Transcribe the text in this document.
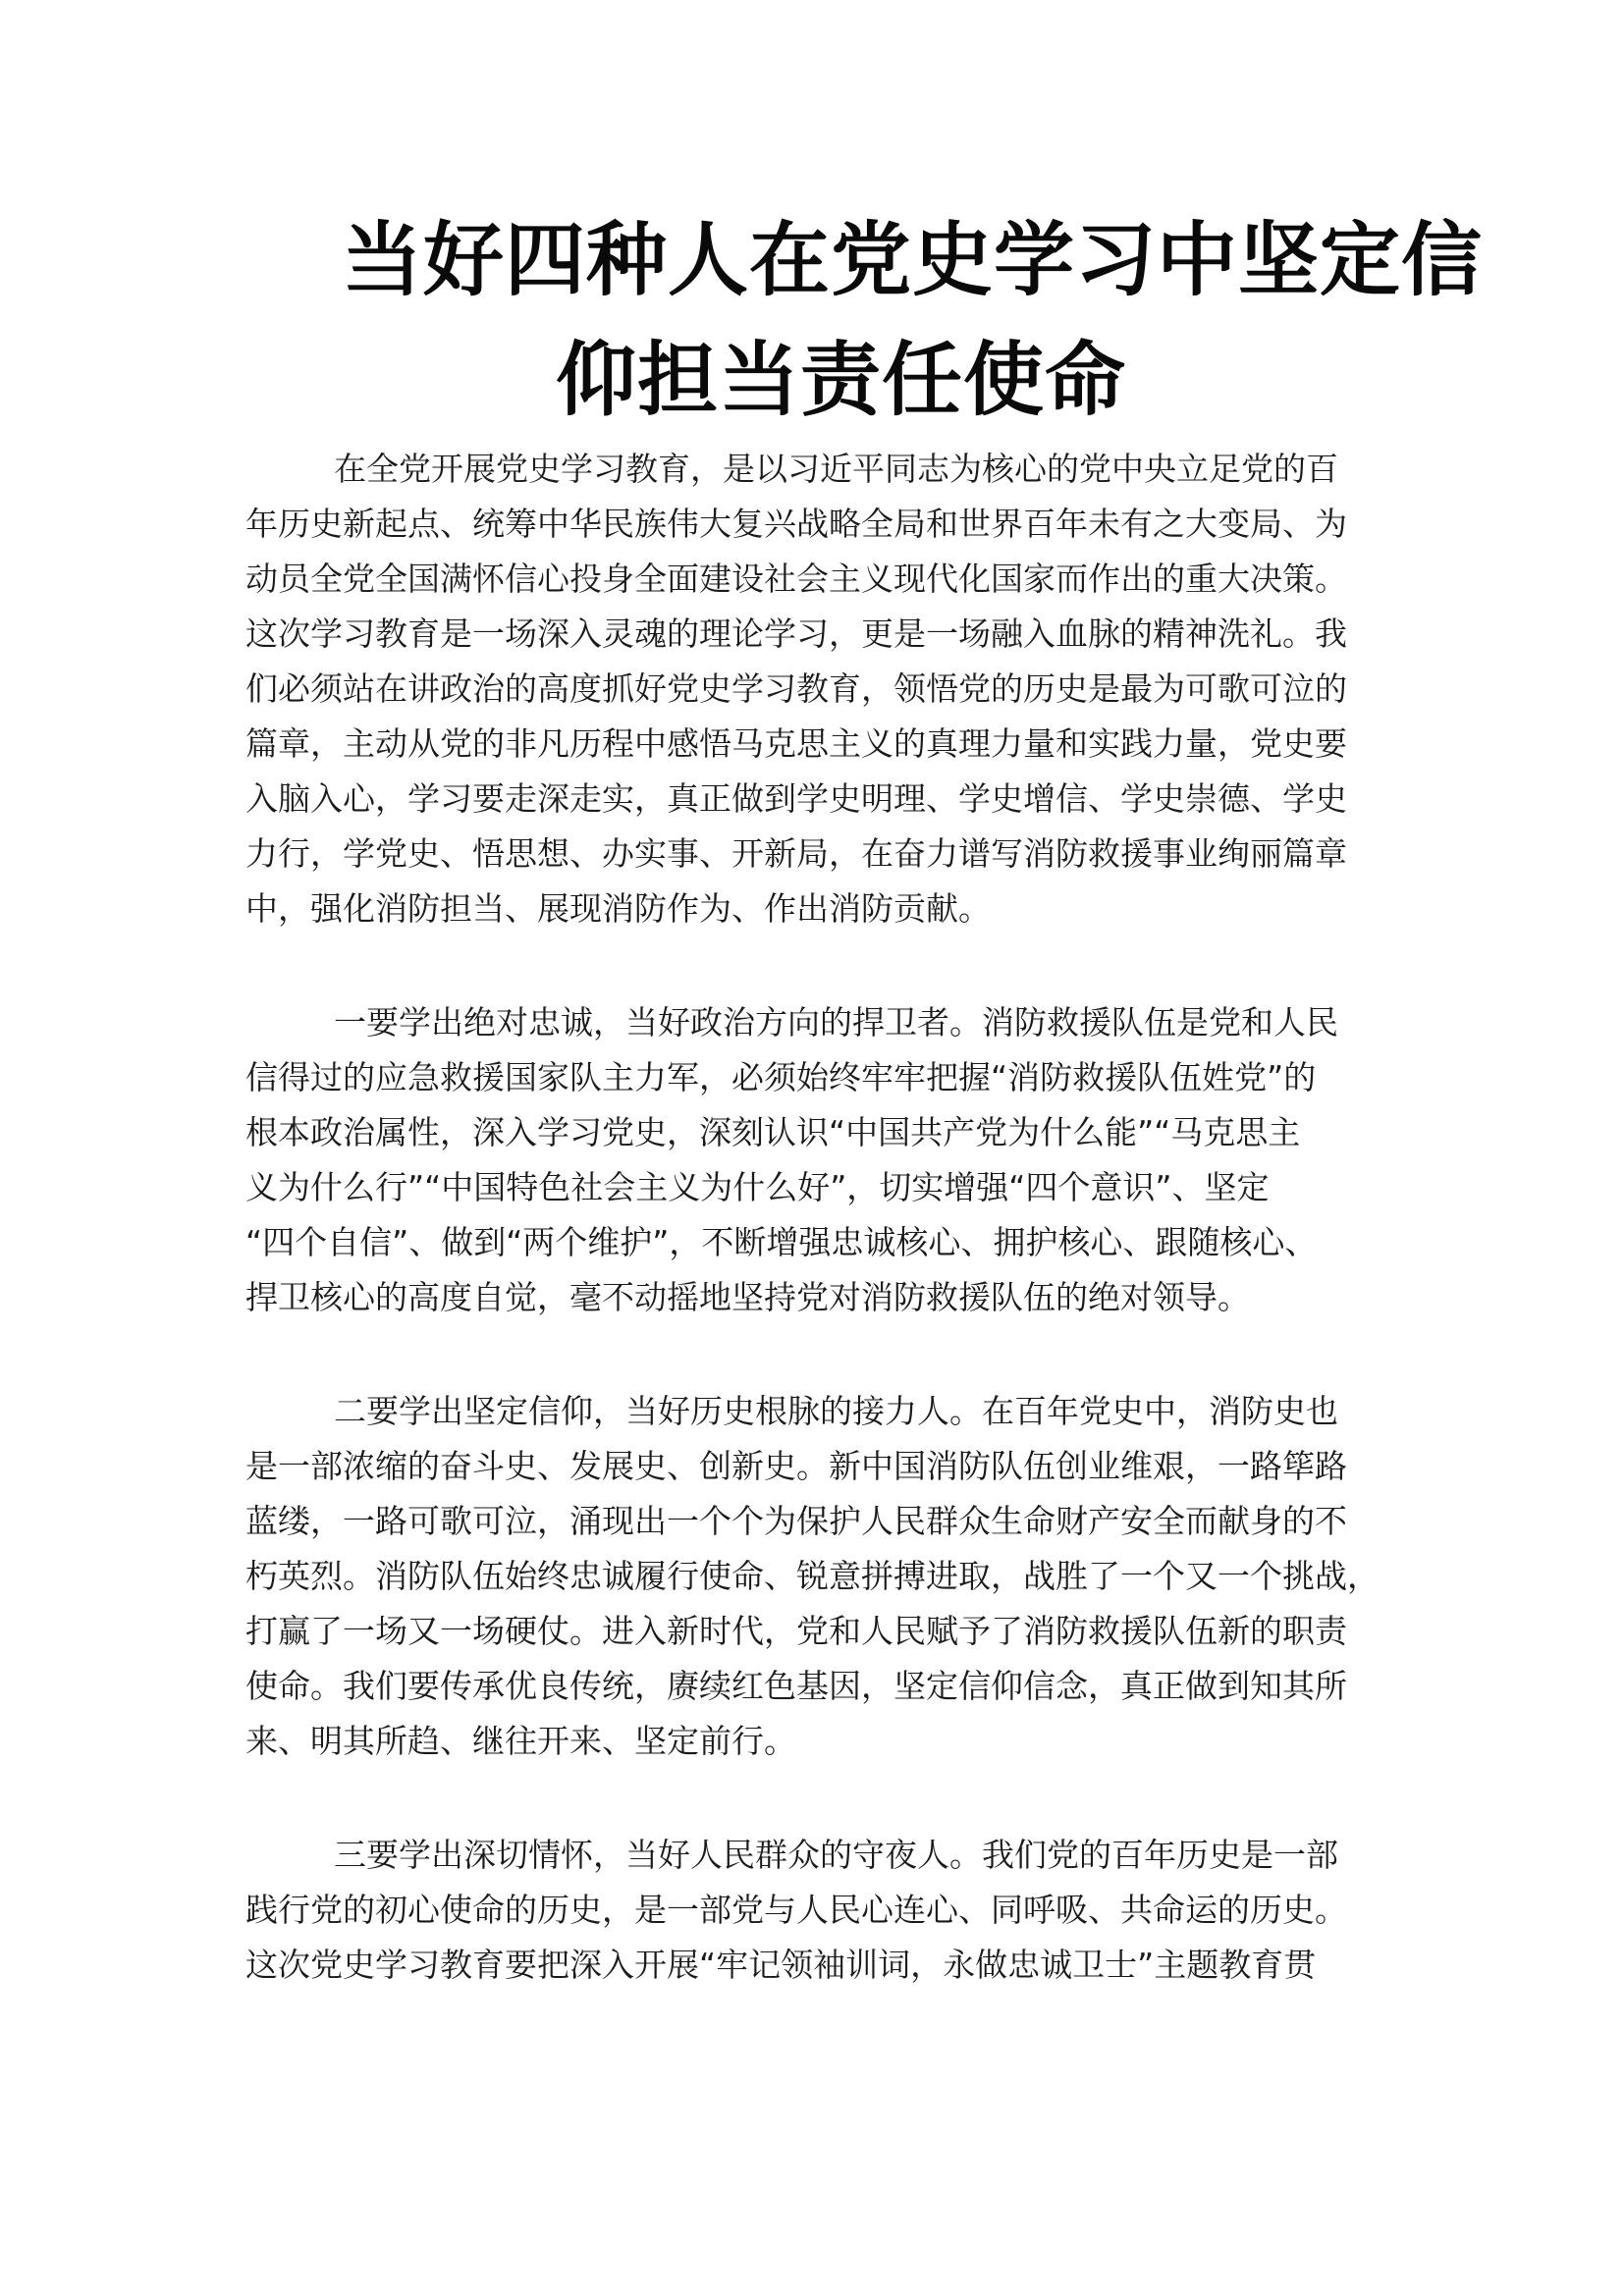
当好四种人在党史学习中坚定信
仰担当责任使命

在全党开展党史学习教育，是以习近平同志为核心的党中央立足党的百
年历史新起点、统筹中华民族伟大复兴战略全局和世界百年未有之大变局、为
动员全党全国满怀信心投身全面建设社会主义现代化国家而作出的重大决策。
这次学习教育是一场深入灵魂的理论学习，更是一场融入血脉的精神洗礼。我
们必须站在讲政治的高度抓好党史学习教育，领悟党的历史是最为可歌可泣的
篇章，主动从党的非凡历程中感悟马克思主义的真理力量和实践力量，党史要
入脑入心，学习要走深走实，真正做到学史明理、学史增信、学史崇德、学史
力行，学党史、悟思想、办实事、开新局，在奋力谱写消防救援事业绚丽篇章
中，强化消防担当、展现消防作为、作出消防贡献。

一要学出绝对忠诚，当好政治方向的捍卫者。消防救援队伍是党和人民
信得过的应急救援国家队主力军，必须始终牢牢把握“消防救援队伍姓党”的
根本政治属性，深入学习党史，深刻认识“中国共产党为什么能”“马克思主
义为什么行”“中国特色社会主义为什么好”，切实增强“四个意识”、坚定
“四个自信”、做到“两个维护”，不断增强忠诚核心、拥护核心、跟随核心、
捍卫核心的高度自觉，毫不动摇地坚持党对消防救援队伍的绝对领导。

二要学出坚定信仰，当好历史根脉的接力人。在百年党史中，消防史也
是一部浓缩的奋斗史、发展史、创新史。新中国消防队伍创业维艰，一路筚路
蓝缕，一路可歌可泣，涌现出一个个为保护人民群众生命财产安全而献身的不
朽英烈。消防队伍始终忠诚履行使命、锐意拼搏进取，战胜了一个又一个挑战，
打赢了一场又一场硬仗。进入新时代，党和人民赋予了消防救援队伍新的职责
使命。我们要传承优良传统，赓续红色基因，坚定信仰信念，真正做到知其所
来、明其所趋、继往开来、坚定前行。

三要学出深切情怀，当好人民群众的守夜人。我们党的百年历史是一部
践行党的初心使命的历史，是一部党与人民心连心、同呼吸、共命运的历史。
这次党史学习教育要把深入开展“牢记领袖训词，永做忠诚卫士”主题教育贯
